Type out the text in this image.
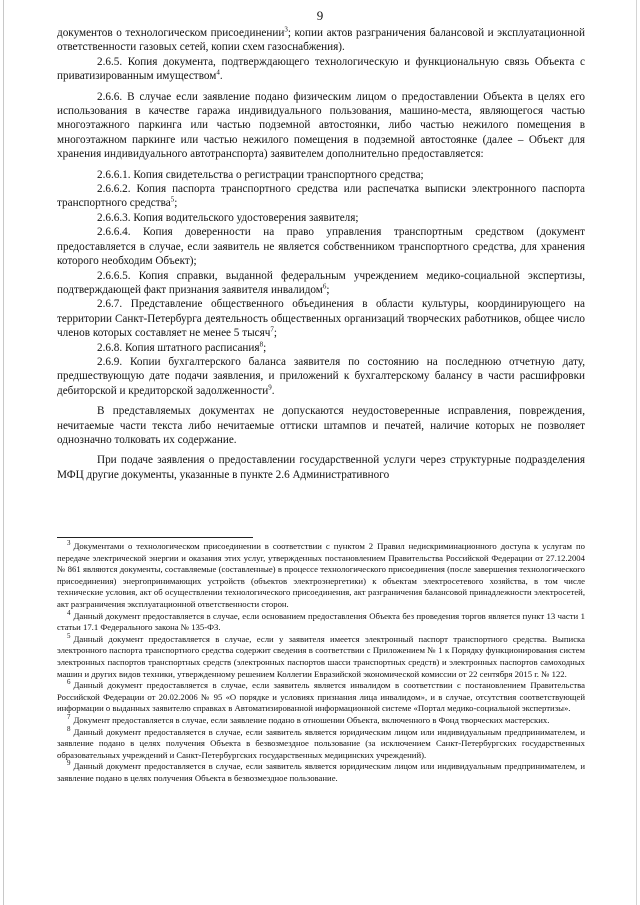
9

документов о технологическом присоединении$^3$; копии актов разграничения балансовой и эксплуатационной ответственности газовых сетей, копии схем газоснабжения).

2.6.5. Копия документа, подтверждающего технологическую и функциональную связь Объекта с приватизированным имуществом$^4$.

2.6.6. В случае если заявление подано физическим лицом о предоставлении Объекта в целях его использования в качестве гаража индивидуального пользования, машино-места, являющегося частью многоэтажного паркинга или частью подземной автостоянки, либо частью нежилого помещения в многоэтажном паркинге или частью нежилого помещения в подземной автостоянке (далее – Объект для хранения индивидуального автотранспорта) заявителем дополнительно предоставляется:

2.6.6.1. Копия свидетельства о регистрации транспортного средства;

2.6.6.2. Копия паспорта транспортного средства или распечатка выписки электронного паспорта транспортного средства$^5$;

2.6.6.3. Копия водительского удостоверения заявителя;

2.6.6.4. Копия доверенности на право управления транспортным средством (документ предоставляется в случае, если заявитель не является собственником транспортного средства, для хранения которого необходим Объект);

2.6.6.5. Копия справки, выданной федеральным учреждением медико-социальной экспертизы, подтверждающей факт признания заявителя инвалидом$^6$;

2.6.7. Представление общественного объединения в области культуры, координирующего на территории Санкт-Петербурга деятельность общественных организаций творческих работников, общее число членов которых составляет не менее 5 тысяч$^7$;

2.6.8. Копия штатного расписания$^8$;

2.6.9. Копии бухгалтерского баланса заявителя по состоянию на последнюю отчетную дату, предшествующую дате подачи заявления, и приложений к бухгалтерскому балансу в части расшифровки дебиторской и кредиторской задолженности$^9$.

В представляемых документах не допускаются неудостоверенные исправления, повреждения, нечитаемые части текста либо нечитаемые оттиски штампов и печатей, наличие которых не позволяет однозначно толковать их содержание.

При подаче заявления о предоставлении государственной услуги через структурные подразделения МФЦ другие документы, указанные в пункте 2.6 Административного

$^3$ Документами о технологическом присоединении в соответствии с пунктом 2 Правил недискриминационного доступа к услугам по передаче электрической энергии и оказания этих услуг, утвержденных постановлением Правительства Российской Федерации от 27.12.2004 № 861 являются документы, составляемые (составленные) в процессе технологического присоединения (после завершения технологического присоединения) энергопринимающих устройств (объектов электроэнергетики) к объектам электросетевого хозяйства, в том числе технические условия, акт об осуществлении технологического присоединения, акт разграничения балансовой принадлежности электросетей, акт разграничения эксплуатационной ответственности сторон.

$^4$ Данный документ предоставляется в случае, если основанием предоставления Объекта без проведения торгов является пункт 13 части 1 статьи 17.1 Федерального закона № 135-ФЗ.

$^5$ Данный документ предоставляется в случае, если у заявителя имеется электронный паспорт транспортного средства. Выписка электронного паспорта транспортного средства содержит сведения в соответствии с Приложением № 1 к Порядку функционирования систем электронных паспортов транспортных средств (электронных паспортов шасси транспортных средств) и электронных паспортов самоходных машин и других видов техники, утвержденному решением Коллегии Евразийской экономической комиссии от 22 сентября 2015 г. № 122.

$^6$ Данный документ предоставляется в случае, если заявитель является инвалидом в соответствии с постановлением Правительства Российской Федерации от 20.02.2006 № 95 «О порядке и условиях признания лица инвалидом», и в случае, отсутствия соответствующей информации о выданных заявителю справках в Автоматизированной информационной системе «Портал медико-социальной экспертизы».

$^7$ Документ предоставляется в случае, если заявление подано в отношении Объекта, включенного в Фонд творческих мастерских.

$^8$ Данный документ предоставляется в случае, если заявитель является юридическим лицом или индивидуальным предпринимателем, и заявление подано в целях получения Объекта в безвозмездное пользование (за исключением Санкт-Петербургских государственных образовательных учреждений и Санкт-Петербургских государственных медицинских учреждений).

$^9$ Данный документ предоставляется в случае, если заявитель является юридическим лицом или индивидуальным предпринимателем, и заявление подано в целях получения Объекта в безвозмездное пользование.
